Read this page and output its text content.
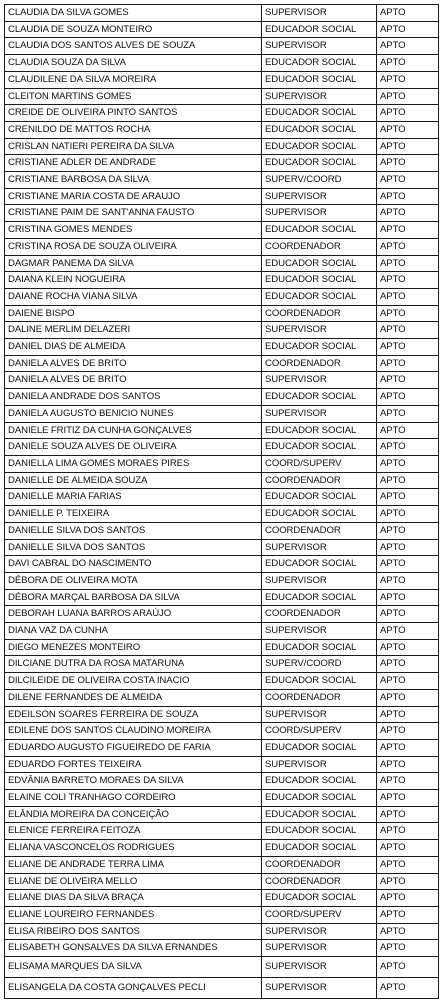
CLAUDIA DA SILVA GOMES	SUPERVISOR	APTO
CLAUDIA DE SOUZA MONTEIRO	EDUCADOR SOCIAL	APTO
CLAUDIA DOS SANTOS ALVES DE SOUZA	SUPERVISOR	APTO
CLAUDIA SOUZA DA SILVA	EDUCADOR SOCIAL	APTO
CLAUDILENE DA SILVA MOREIRA	EDUCADOR SOCIAL	APTO
CLEITON MARTINS GOMES	SUPERVISOR	APTO
CREIDE DE OLIVEIRA PINTO SANTOS	EDUCADOR SOCIAL	APTO
CRENILDO DE MATTOS ROCHA	EDUCADOR SOCIAL	APTO
CRISLAN NATIERI PEREIRA DA SILVA	EDUCADOR SOCIAL	APTO
CRISTIANE ADLER DE ANDRADE	EDUCADOR SOCIAL	APTO
CRISTIANE BARBOSA DA SILVA	SUPERV/COORD	APTO
CRISTIANE MARIA COSTA DE ARAUJO	SUPERVISOR	APTO
CRISTIANE PAIM DE SANT'ANNA FAUSTO	SUPERVISOR	APTO
CRISTINA GOMES MENDES	EDUCADOR SOCIAL	APTO
CRISTINA ROSA DE SOUZA OLIVEIRA	COORDENADOR	APTO
DAGMAR PANEMA DA SILVA	EDUCADOR SOCIAL	APTO
DAIANA KLEIN NOGUEIRA	EDUCADOR SOCIAL	APTO
DAIANE ROCHA VIANA SILVA	EDUCADOR SOCIAL	APTO
DAIENE BISPO	COORDENADOR	APTO
DALINE MERLIM DELAZERI	SUPERVISOR	APTO
DANIEL DIAS DE ALMEIDA	EDUCADOR SOCIAL	APTO
DANIELA ALVES DE BRITO	COORDENADOR	APTO
DANIELA ALVES DE BRITO	SUPERVISOR	APTO
DANIELA ANDRADE DOS SANTOS	EDUCADOR SOCIAL	APTO
DANIELA AUGUSTO BENICIO NUNES	SUPERVISOR	APTO
DANIELE FRITIZ DA CUNHA GONÇALVES	EDUCADOR SOCIAL	APTO
DANIELE SOUZA ALVES DE OLIVEIRA	EDUCADOR SOCIAL	APTO
DANIELLA LIMA GOMES MORAES PIRES	COORD/SUPERV	APTO
DANIELLE DE ALMEIDA SOUZA	COORDENADOR	APTO
DANIELLE MARIA FARIAS	EDUCADOR SOCIAL	APTO
DANIELLE P. TEIXEIRA	EDUCADOR SOCIAL	APTO
DANIELLE SILVA DOS SANTOS	COORDENADOR	APTO
DANIELLE SILVA DOS SANTOS	SUPERVISOR	APTO
DAVI CABRAL DO NASCIMENTO	EDUCADOR SOCIAL	APTO
DÉBORA DE OLIVEIRA MOTA	SUPERVISOR	APTO
DÉBORA MARÇAL BARBOSA DA SILVA	EDUCADOR SOCIAL	APTO
DEBORAH LUANA BARROS ARAÚJO	COORDENADOR	APTO
DIANA VAZ DA CUNHA	SUPERVISOR	APTO
DIEGO MENEZES MONTEIRO	EDUCADOR SOCIAL	APTO
DILCIANE DUTRA DA ROSA MATARUNA	SUPERV/COORD	APTO
DILCILEIDE DE OLIVEIRA COSTA INACIO	EDUCADOR SOCIAL	APTO
DILENE FERNANDES DE ALMEIDA	COORDENADOR	APTO
EDEILSON SOARES FERREIRA DE SOUZA	SUPERVISOR	APTO
EDILENE DOS SANTOS CLAUDINO MOREIRA	COORD/SUPERV	APTO
EDUARDO AUGUSTO FIGUEIREDO DE FARIA	EDUCADOR SOCIAL	APTO
EDUARDO FORTES TEIXEIRA	SUPERVISOR	APTO
EDVÂNIA BARRETO MORAES DA SILVA	EDUCADOR SOCIAL	APTO
ELAINE COLI TRANHAGO CORDEIRO	EDUCADOR SOCIAL	APTO
ELÂNDIA MOREIRA DA CONCEIÇÃO	EDUCADOR SOCIAL	APTO
ELENICE FERREIRA FEITOZA	EDUCADOR SOCIAL	APTO
ELIANA VASCONCELOS RODRIGUES	EDUCADOR SOCIAL	APTO
ELIANE DE ANDRADE TERRA LIMA	COORDENADOR	APTO
ELIANE DE OLIVEIRA MELLO	COORDENADOR	APTO
ELIANE DIAS DA SILVA BRAÇA	EDUCADOR SOCIAL	APTO
ELIANE LOUREIRO FERNANDES	COORD/SUPERV	APTO
ELISA RIBEIRO DOS SANTOS	SUPERVISOR	APTO
ELISABETH GONSALVES DA SILVA ERNANDES	SUPERVISOR	APTO
ELISAMA MARQUES DA SILVA	SUPERVISOR	APTO
ELISANGELA DA COSTA GONÇALVES PECLI	SUPERVISOR	APTO
